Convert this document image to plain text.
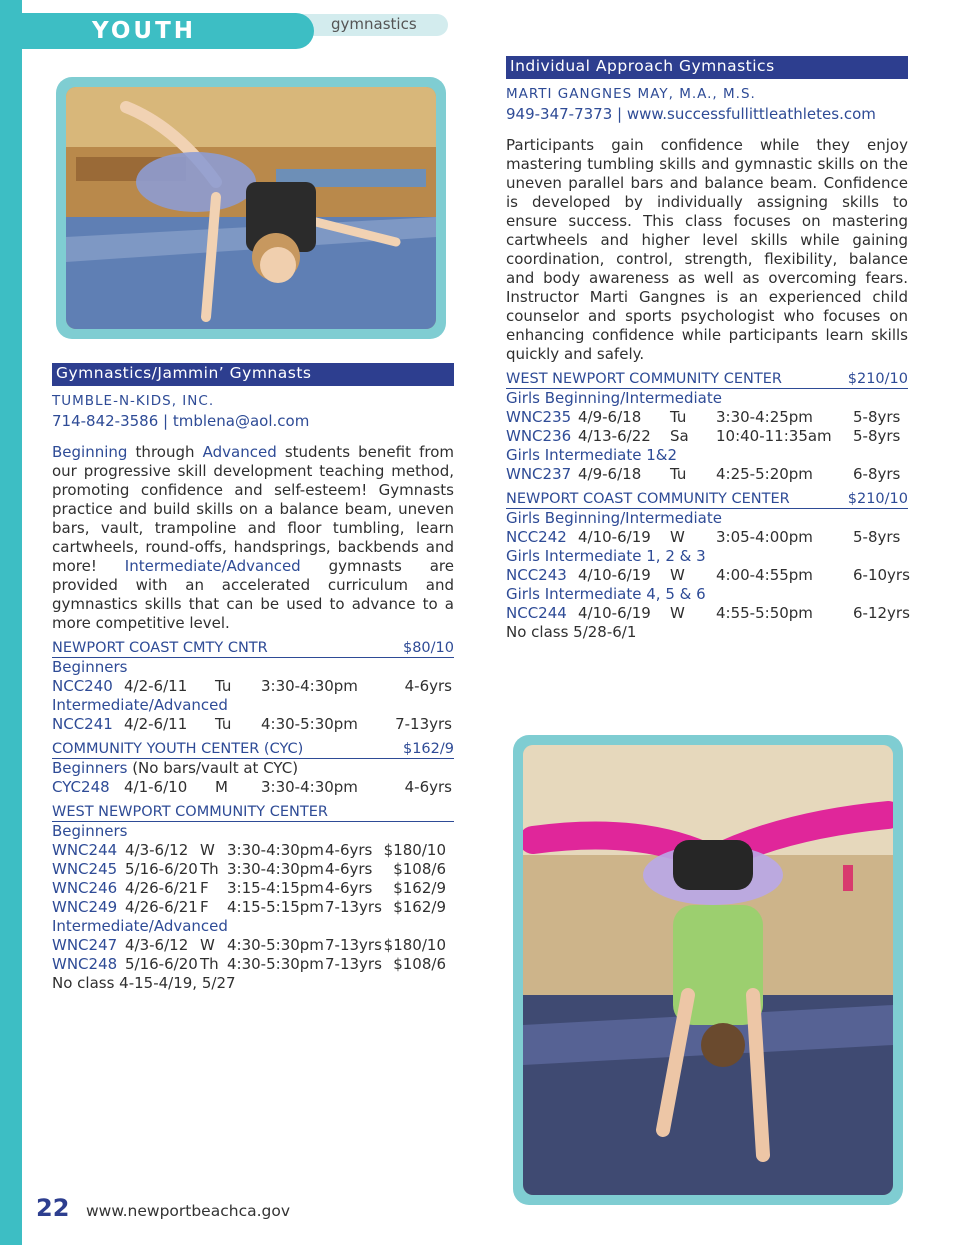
gymnastics
YOUTH
Gymnastics/Jammin’ Gymnasts
TUMBLE-N-KIDS, INC.
714-842-3586 | tmblena@aol.com
Beginning through Advanced students benefit from our progressive skill development teaching method, promoting confidence and self-esteem! Gymnasts practice and build skills on a balance beam, uneven bars, vault, trampoline and floor tumbling, learn cartwheels, round-offs, handsprings, backbends and more! Intermediate/Advanced gymnasts are provided with an accelerated curriculum and gymnastics skills that can be used to advance to a more competitive level.
NEWPORT COAST CMTY CNTR	$80/10
Beginners
NCC240 4/2-6/11 Tu 3:30-4:30pm	4-6yrs
Intermediate/Advanced
NCC241 4/2-6/11 Tu 4:30-5:30pm 7-13yrs
COMMUNITY YOUTH CENTER (CYC)	$162/9
Beginners (No bars/vault at CYC)
CYC248 4/1-6/10 M 3:30-4:30pm	4-6yrs
WEST NEWPORT COMMUNITY CENTER
Beginners
WNC244 4/3-6/12 W 3:30-4:30pm 4-6yrs $180/10
WNC245 5/16-6/20 Th 3:30-4:30pm 4-6yrs $108/6
WNC246 4/26-6/21 F 3:15-4:15pm 4-6yrs $162/9
WNC249 4/26-6/21 F 4:15-5:15pm 7-13yrs $162/9
Intermediate/Advanced
WNC247 4/3-6/12 W 4:30-5:30pm 7-13yrs $180/10
WNC248 5/16-6/20 Th 4:30-5:30pm 7-13yrs $108/6
No class 4-15-4/19, 5/27
Individual Approach Gymnastics
MARTI GANGNES MAY, M.A., M.S.
949-347-7373 | www.successfullittleathletes.com
Participants gain confidence while they enjoy mastering tumbling skills and gymnastic skills on the uneven parallel bars and balance beam. Confidence is developed by individually assigning skills to ensure success. This class focuses on mastering cartwheels and higher level skills while gaining coordination, control, strength, flexibility, balance and body awareness as well as overcoming fears. Instructor Marti Gangnes is an experienced child counselor and sports psychologist who focuses on enhancing confidence while participants learn skills quickly and safely.
WEST NEWPORT COMMUNITY CENTER	$210/10
Girls Beginning/Intermediate
WNC235 4/9-6/18 Tu 3:30-4:25pm	5-8yrs
WNC236 4/13-6/22 Sa 10:40-11:35am 5-8yrs
Girls Intermediate 1&2
WNC237 4/9-6/18 Tu 4:25-5:20pm	6-8yrs
NEWPORT COAST COMMUNITY CENTER	$210/10
Girls Beginning/Intermediate
NCC242 4/10-6/19 W 3:05-4:00pm	5-8yrs
Girls Intermediate 1, 2 & 3
NCC243 4/10-6/19 W 4:00-4:55pm	6-10yrs
Girls Intermediate 4, 5 & 6
NCC244 4/10-6/19 W 4:55-5:50pm	6-12yrs
No class 5/28-6/1
22 www.newportbeachca.gov
